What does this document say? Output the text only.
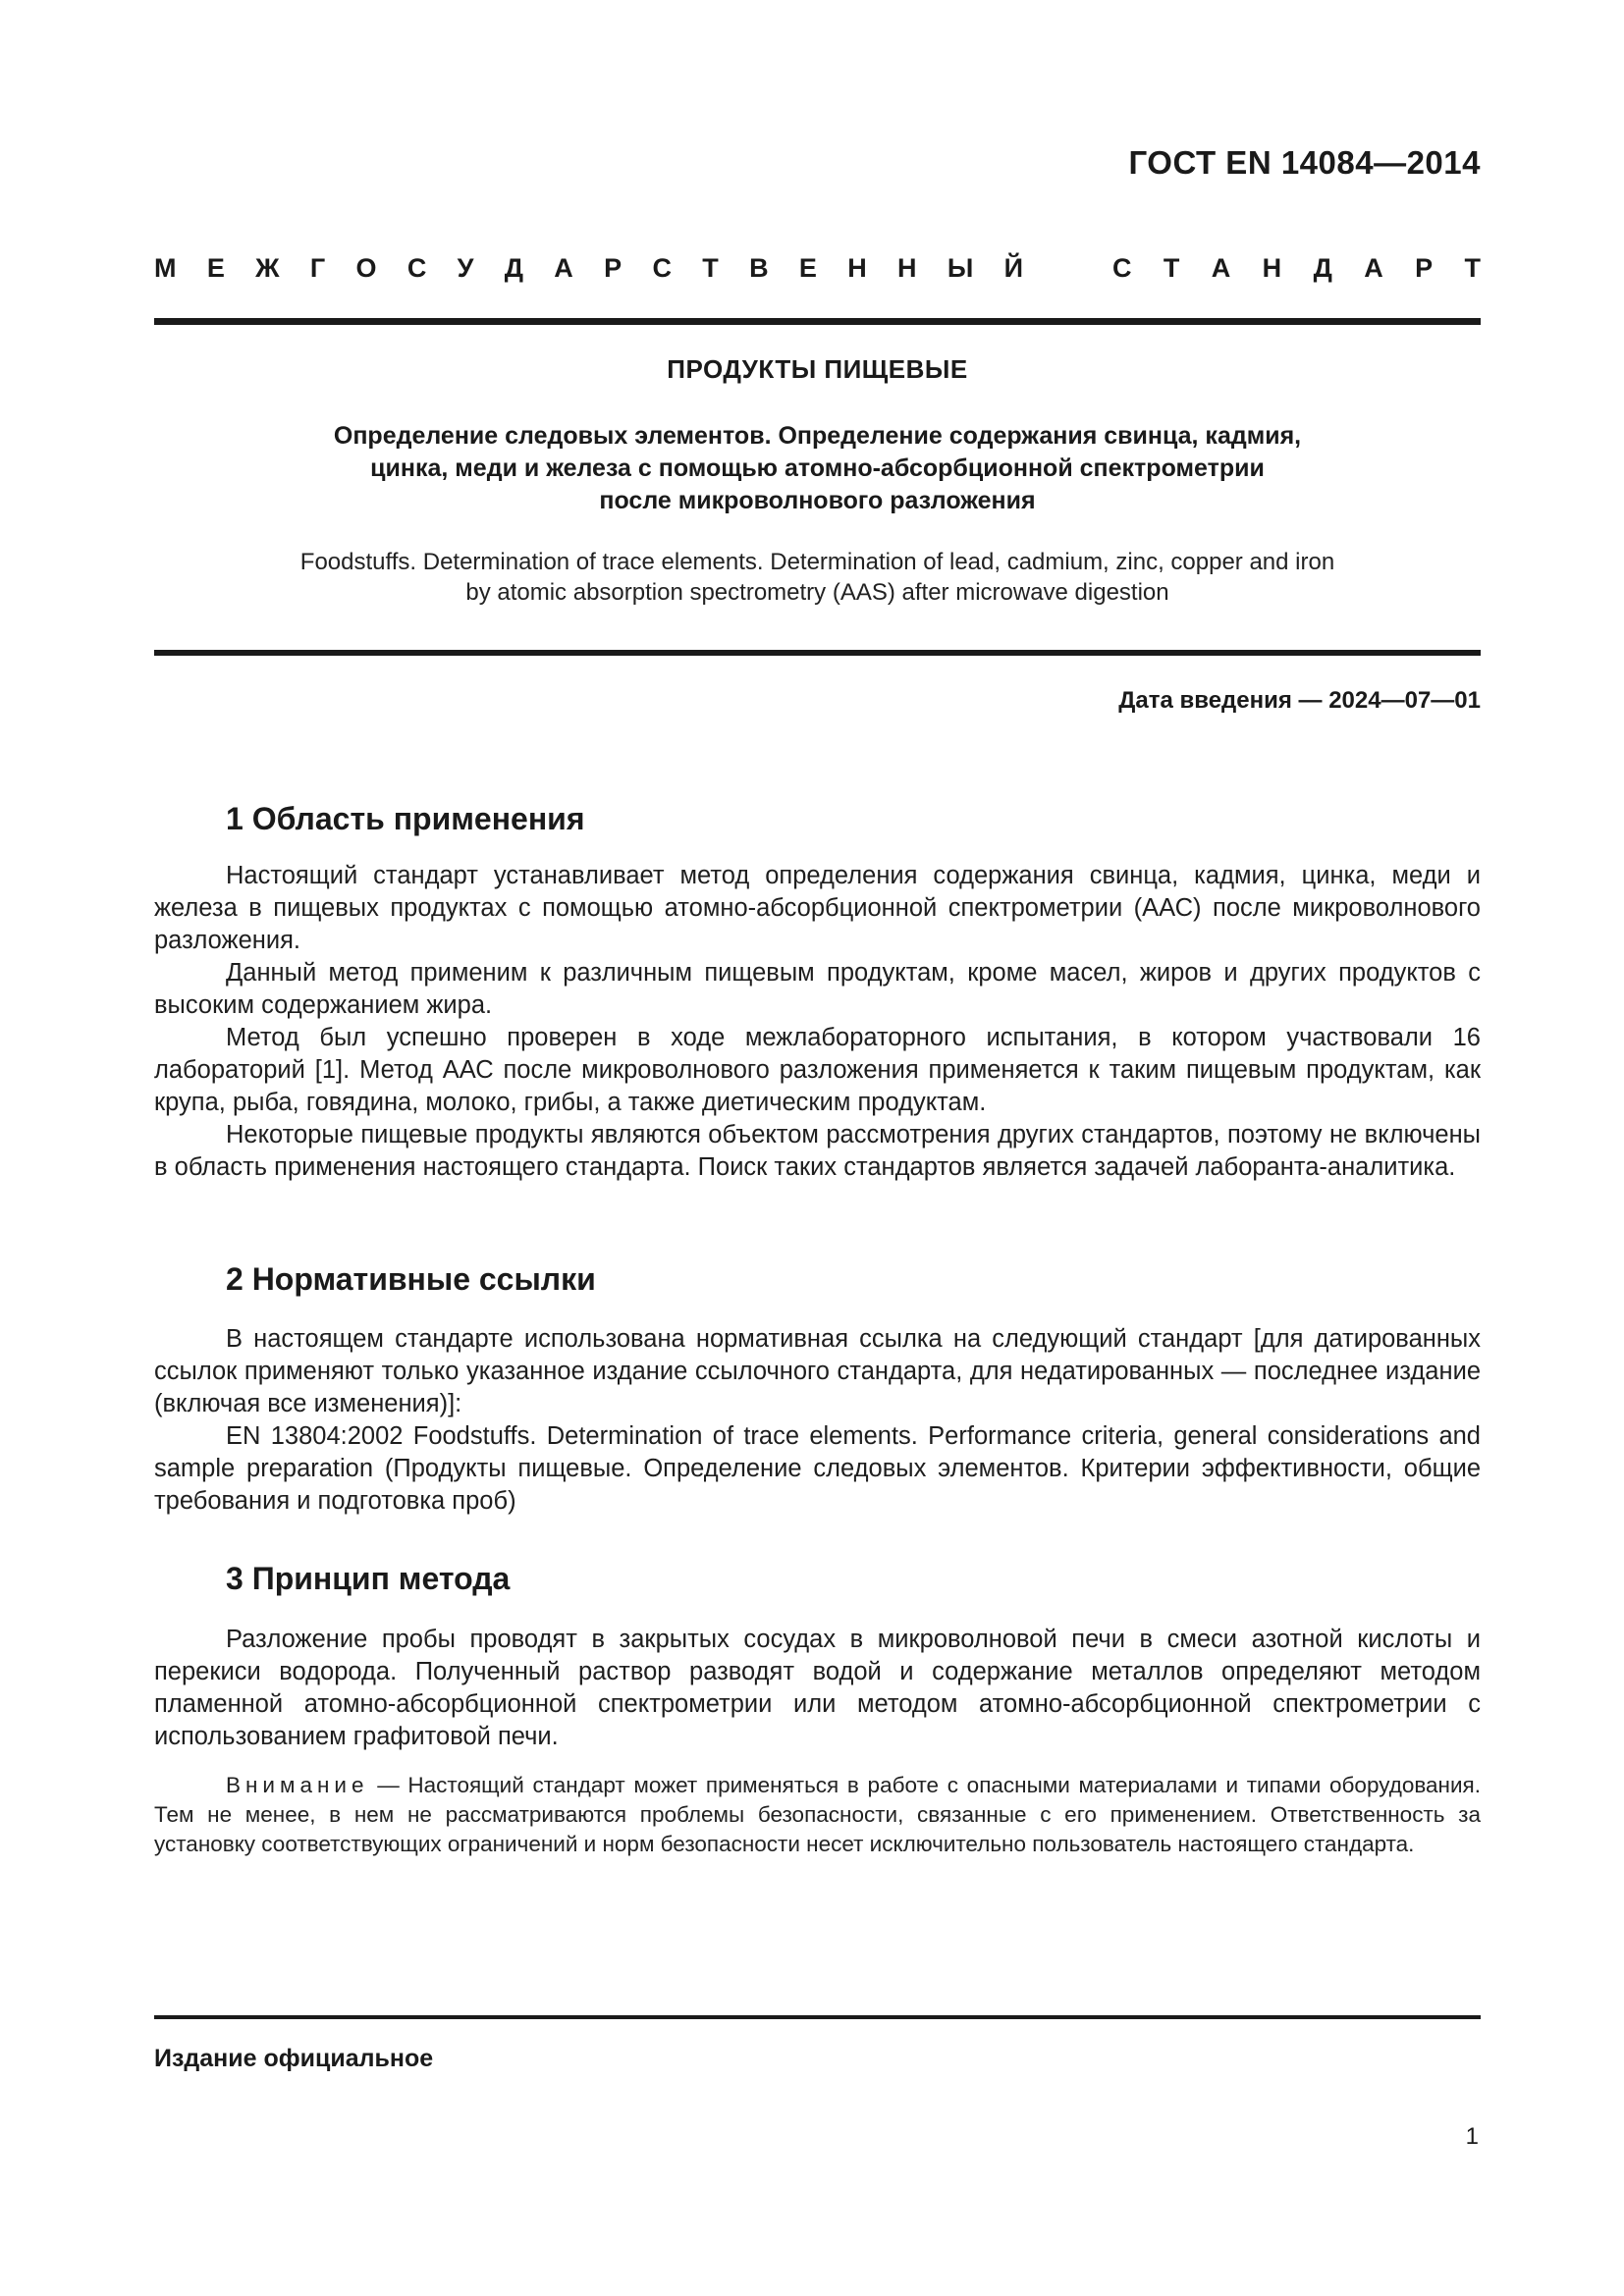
ГОСТ EN 14084—2014
М Е Ж Г О С У Д А Р С Т В Е Н Н Ы Й	С Т А Н Д А Р Т
ПРОДУКТЫ ПИЩЕВЫЕ
Определение следовых элементов. Определение содержания свинца, кадмия,
цинка, меди и железа с помощью атомно-абсорбционной спектрометрии
после микроволнового разложения
Foodstuffs. Determination of trace elements. Determination of lead, cadmium, zinc, copper and iron
by atomic absorption spectrometry (AAS) after microwave digestion
Дата введения — 2024—07—01
1 Область применения

Настоящий стандарт устанавливает метод определения содержания свинца, кадмия, цинка, меди и железа в пищевых продуктах с помощью атомно-абсорбционной спектрометрии (ААС) после микроволнового разложения.

Данный метод применим к различным пищевым продуктам, кроме масел, жиров и других продуктов с высоким содержанием жира.

Метод был успешно проверен в ходе межлабораторного испытания, в котором участвовали 16 лабораторий [1]. Метод ААС после микроволнового разложения применяется к таким пищевым продуктам, как крупа, рыба, говядина, молоко, грибы, а также диетическим продуктам.

Некоторые пищевые продукты являются объектом рассмотрения других стандартов, поэтому не включены в область применения настоящего стандарта. Поиск таких стандартов является задачей лаборанта-аналитика.

2 Нормативные ссылки

В настоящем стандарте использована нормативная ссылка на следующий стандарт [для датированных ссылок применяют только указанное издание ссылочного стандарта, для недатированных — последнее издание (включая все изменения)]:

EN 13804:2002 Foodstuffs. Determination of trace elements. Performance criteria, general considerations and sample preparation (Продукты пищевые. Определение следовых элементов. Критерии эффективности, общие требования и подготовка проб)

3 Принцип метода

Разложение пробы проводят в закрытых сосудах в микроволновой печи в смеси азотной кислоты и перекиси водорода. Полученный раствор разводят водой и содержание металлов определяют методом пламенной атомно-абсорбционной спектрометрии или методом атомно-абсорбционной спектрометрии с использованием графитовой печи.

Внимание — Настоящий стандарт может применяться в работе с опасными материалами и типами оборудования. Тем не менее, в нем не рассматриваются проблемы безопасности, связанные с его применением. Ответственность за установку соответствующих ограничений и норм безопасности несет исключительно пользователь настоящего стандарта.

Издание официальное
1
